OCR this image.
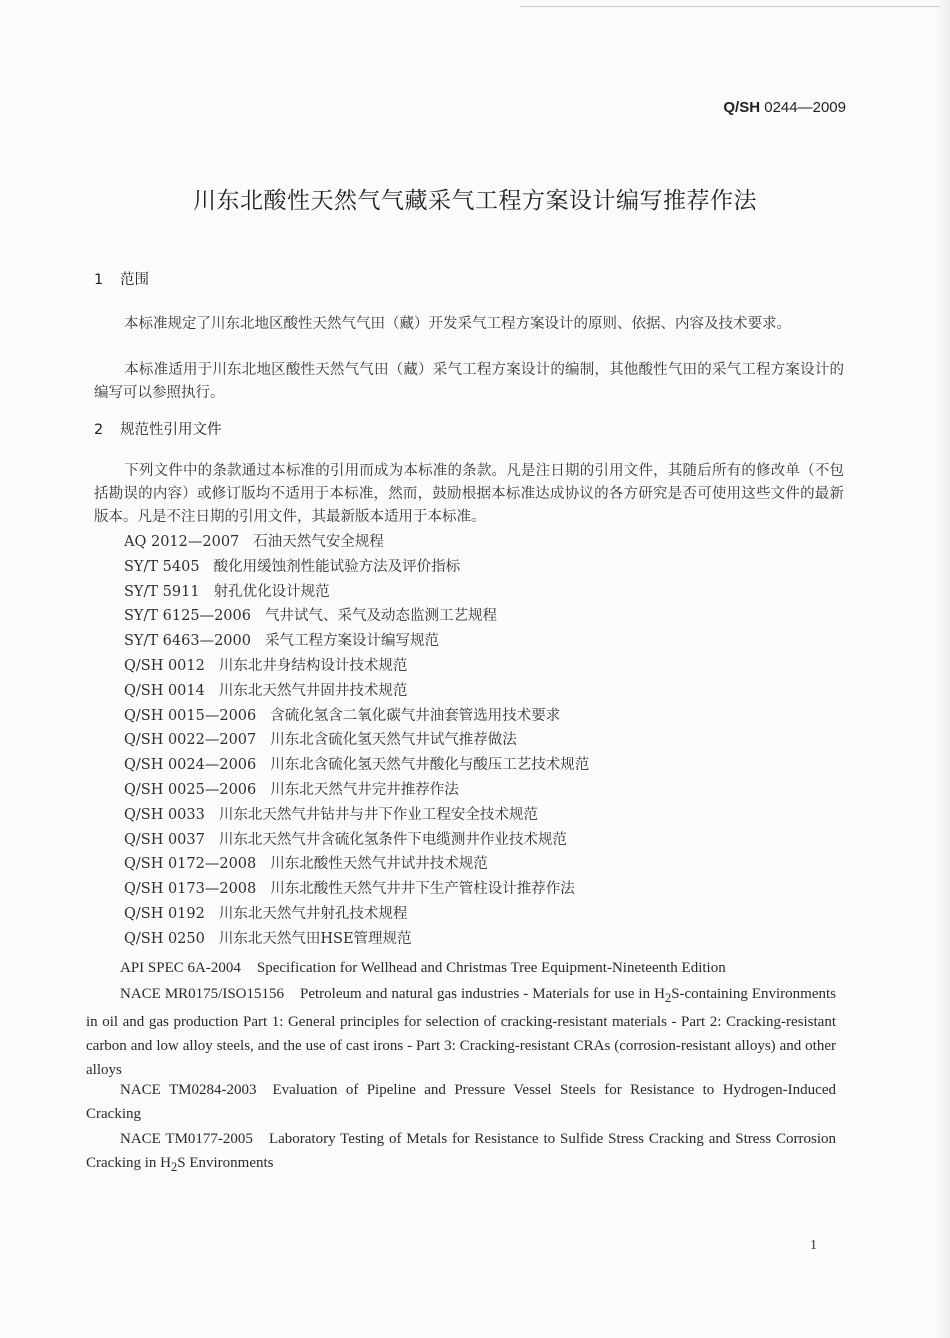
Q/SH 0244—2009
川东北酸性天然气气藏采气工程方案设计编写推荐作法
1 范围
本标准规定了川东北地区酸性天然气气田（藏）开发采气工程方案设计的原则、依据、内容及技术要求。
本标准适用于川东北地区酸性天然气气田（藏）采气工程方案设计的编制，其他酸性气田的采气工程方案设计的编写可以参照执行。
2 规范性引用文件
下列文件中的条款通过本标准的引用而成为本标准的条款。凡是注日期的引用文件，其随后所有的修改单（不包括勘误的内容）或修订版均不适用于本标准，然而，鼓励根据本标准达成协议的各方研究是否可使用这些文件的最新版本。凡是不注日期的引用文件，其最新版本适用于本标准。
AQ 2012—2007 石油天然气安全规程
SY/T 5405 酸化用缓蚀剂性能试验方法及评价指标
SY/T 5911 射孔优化设计规范
SY/T 6125—2006 气井试气、采气及动态监测工艺规程
SY/T 6463—2000 采气工程方案设计编写规范
Q/SH 0012 川东北井身结构设计技术规范
Q/SH 0014 川东北天然气井固井技术规范
Q/SH 0015—2006 含硫化氢含二氧化碳气井油套管选用技术要求
Q/SH 0022—2007 川东北含硫化氢天然气井试气推荐做法
Q/SH 0024—2006 川东北含硫化氢天然气井酸化与酸压工艺技术规范
Q/SH 0025—2006 川东北天然气井完井推荐作法
Q/SH 0033 川东北天然气井钻井与井下作业工程安全技术规范
Q/SH 0037 川东北天然气井含硫化氢条件下电缆测井作业技术规范
Q/SH 0172—2008 川东北酸性天然气井试井技术规范
Q/SH 0173—2008 川东北酸性天然气井井下生产管柱设计推荐作法
Q/SH 0192 川东北天然气井射孔技术规程
Q/SH 0250 川东北天然气田HSE管理规范
API SPEC 6A-2004 Specification for Wellhead and Christmas Tree Equipment-Nineteenth Edition
NACE MR0175/ISO15156 Petroleum and natural gas industries - Materials for use in $H_2S$-containing Environments in oil and gas production Part 1: General principles for selection of cracking-resistant materials - Part 2: Cracking-resistant carbon and low alloy steels, and the use of cast irons - Part 3: Cracking-resistant CRAs (corrosion-resistant alloys) and other alloys
NACE TM0284-2003 Evaluation of Pipeline and Pressure Vessel Steels for Resistance to Hydrogen-Induced Cracking
NACE TM0177-2005 Laboratory Testing of Metals for Resistance to Sulfide Stress Cracking and Stress Corrosion Cracking in $H_2S$ Environments
1
